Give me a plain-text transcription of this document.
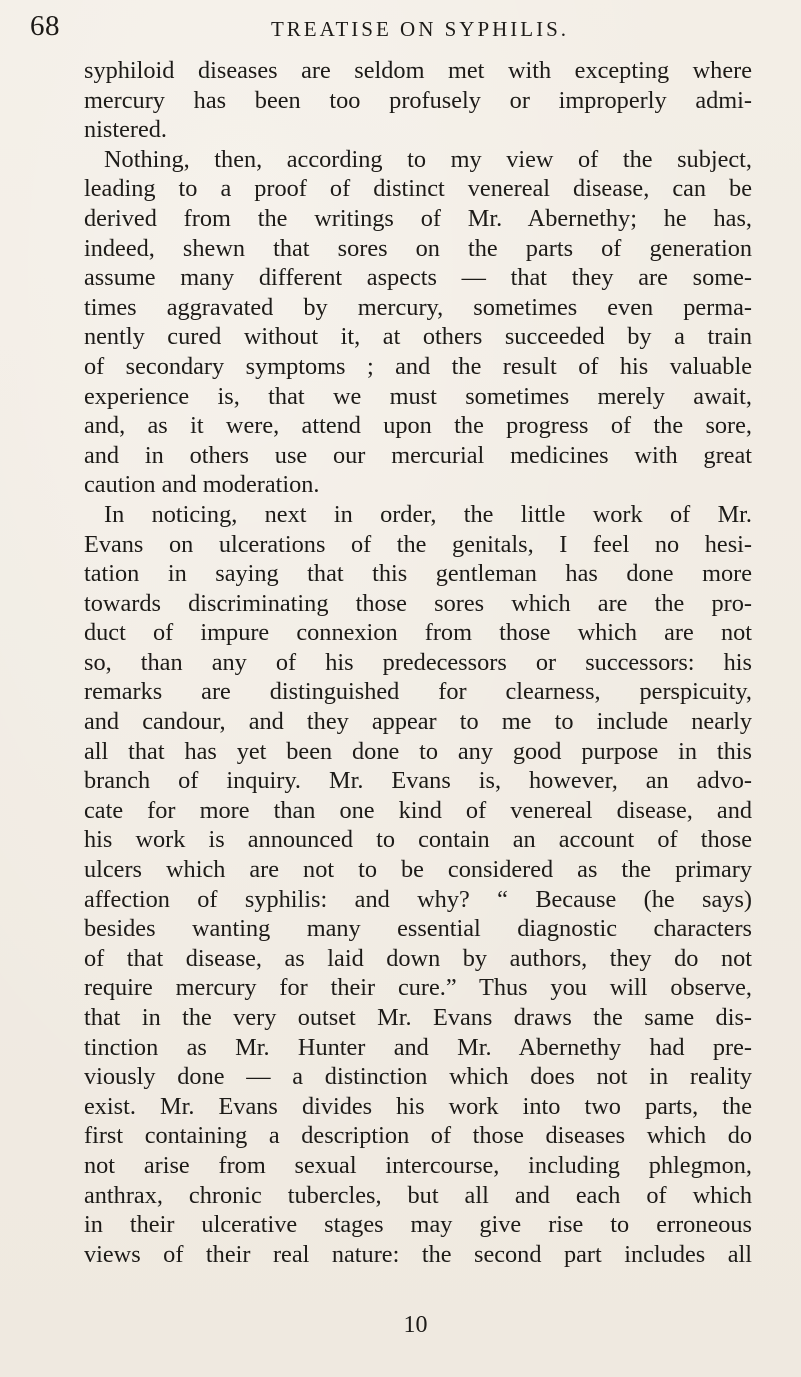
68	TREATISE ON SYPHILIS.
syphiloid diseases are seldom met with excepting where
mercury has been too profusely or improperly admi-
nistered.
Nothing, then, according to my view of the subject,
leading to a proof of distinct venereal disease, can be
derived from the writings of Mr. Abernethy; he has,
indeed, shewn that sores on the parts of generation
assume many different aspects — that they are some-
times aggravated by mercury, sometimes even perma-
nently cured without it, at others succeeded by a train
of secondary symptoms ; and the result of his valuable
experience is, that we must sometimes merely await,
and, as it were, attend upon the progress of the sore,
and in others use our mercurial medicines with great
caution and moderation.
In noticing, next in order, the little work of Mr.
Evans on ulcerations of the genitals, I feel no hesi-
tation in saying that this gentleman has done more
towards discriminating those sores which are the pro-
duct of impure connexion from those which are not
so, than any of his predecessors or successors: his
remarks are distinguished for clearness, perspicuity,
and candour, and they appear to me to include nearly
all that has yet been done to any good purpose in this
branch of inquiry. Mr. Evans is, however, an advo-
cate for more than one kind of venereal disease, and
his work is announced to contain an account of those
ulcers which are not to be considered as the primary
affection of syphilis: and why? “ Because (he says)
besides wanting many essential diagnostic characters
of that disease, as laid down by authors, they do not
require mercury for their cure.” Thus you will observe,
that in the very outset Mr. Evans draws the same dis-
tinction as Mr. Hunter and Mr. Abernethy had pre-
viously done — a distinction which does not in reality
exist. Mr. Evans divides his work into two parts, the
first containing a description of those diseases which do
not arise from sexual intercourse, including phlegmon,
anthrax, chronic tubercles, but all and each of which
in their ulcerative stages may give rise to erroneous
views of their real nature: the second part includes all
10
